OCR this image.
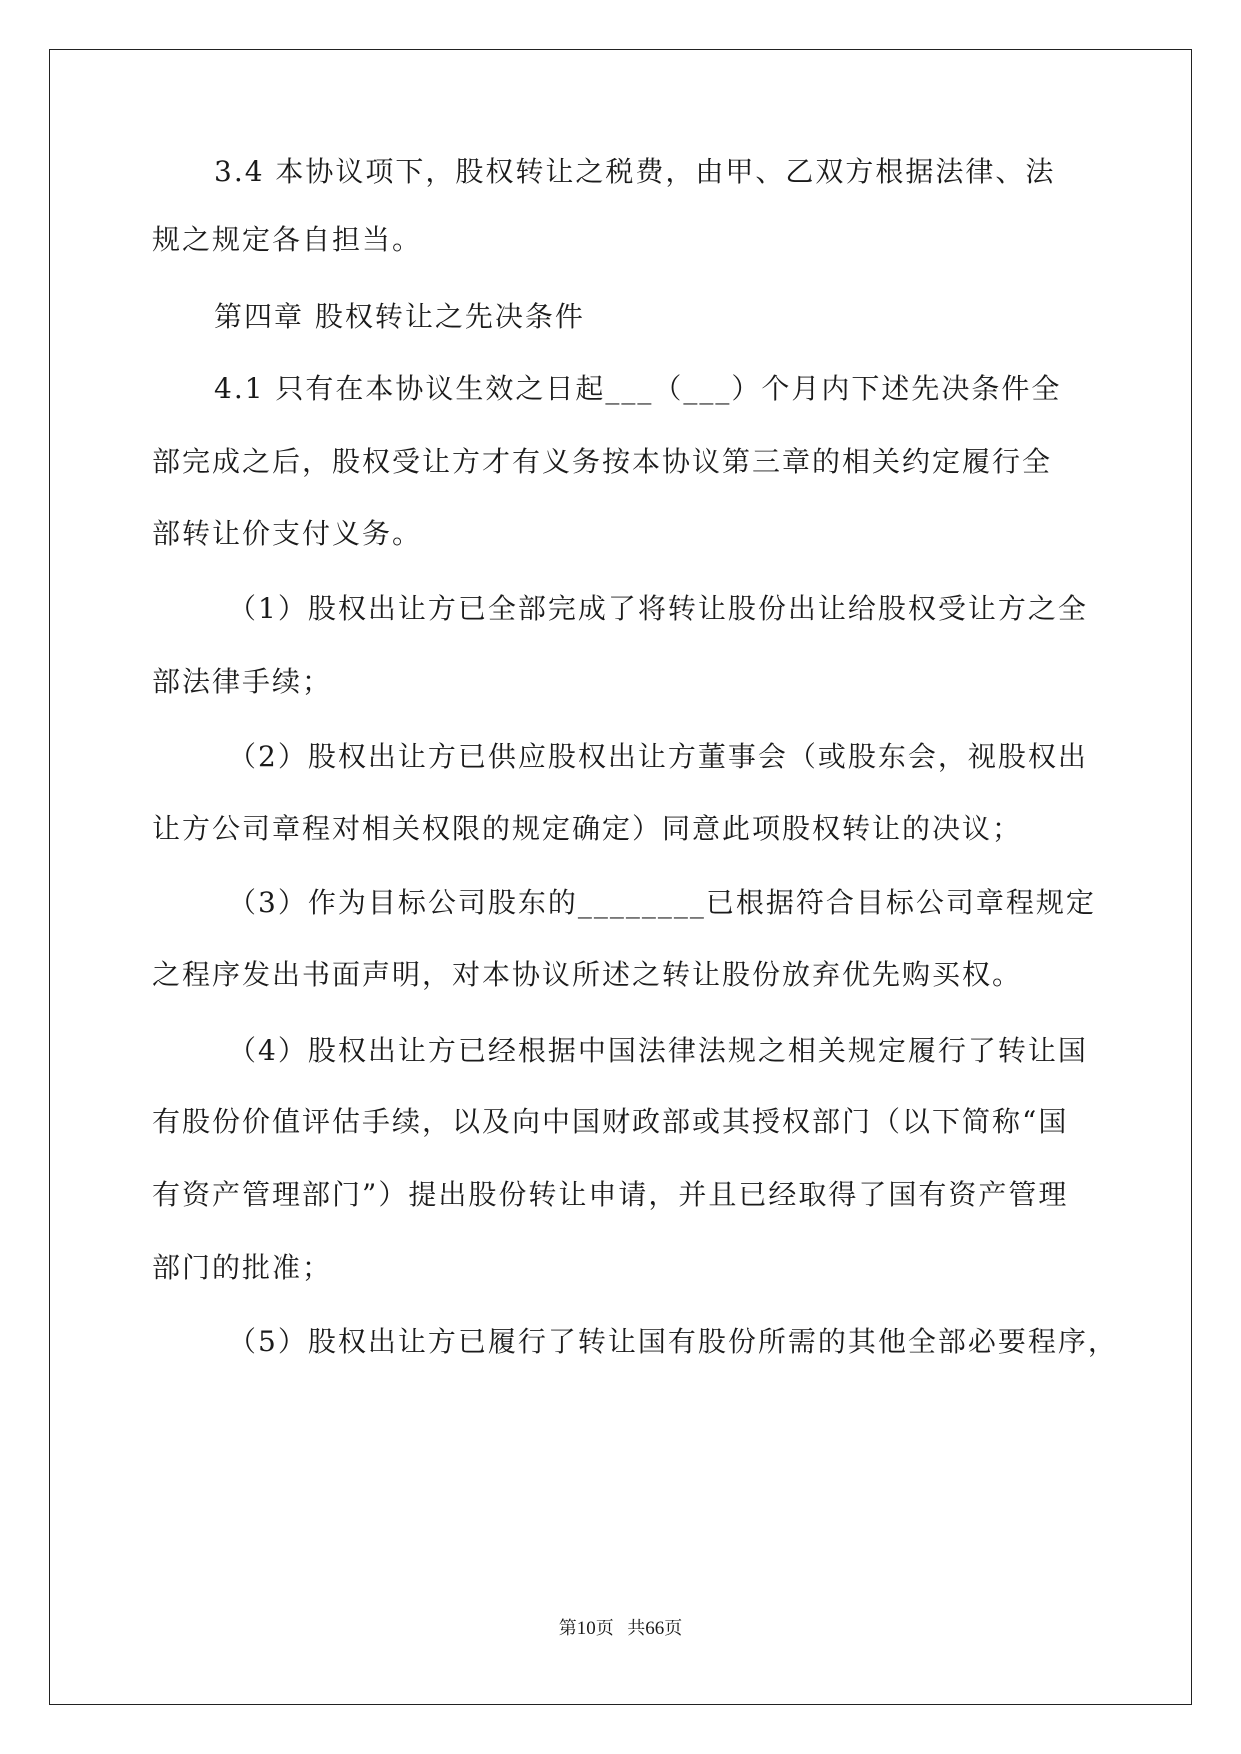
3.4 本协议项下，股权转让之税费，由甲、乙双方根据法律、法
规之规定各自担当。
第四章 股权转让之先决条件
4.1 只有在本协议生效之日起___（___）个月内下述先决条件全
部完成之后，股权受让方才有义务按本协议第三章的相关约定履行全
部转让价支付义务。
（1）股权出让方已全部完成了将转让股份出让给股权受让方之全
部法律手续；
（2）股权出让方已供应股权出让方董事会（或股东会，视股权出
让方公司章程对相关权限的规定确定）同意此项股权转让的决议；
（3）作为目标公司股东的________已根据符合目标公司章程规定
之程序发出书面声明，对本协议所述之转让股份放弃优先购买权。
（4）股权出让方已经根据中国法律法规之相关规定履行了转让国
有股份价值评估手续，以及向中国财政部或其授权部门（以下简称“国
有资产管理部门”）提出股份转让申请，并且已经取得了国有资产管理
部门的批准；
（5）股权出让方已履行了转让国有股份所需的其他全部必要程序，
第10页   共66页
